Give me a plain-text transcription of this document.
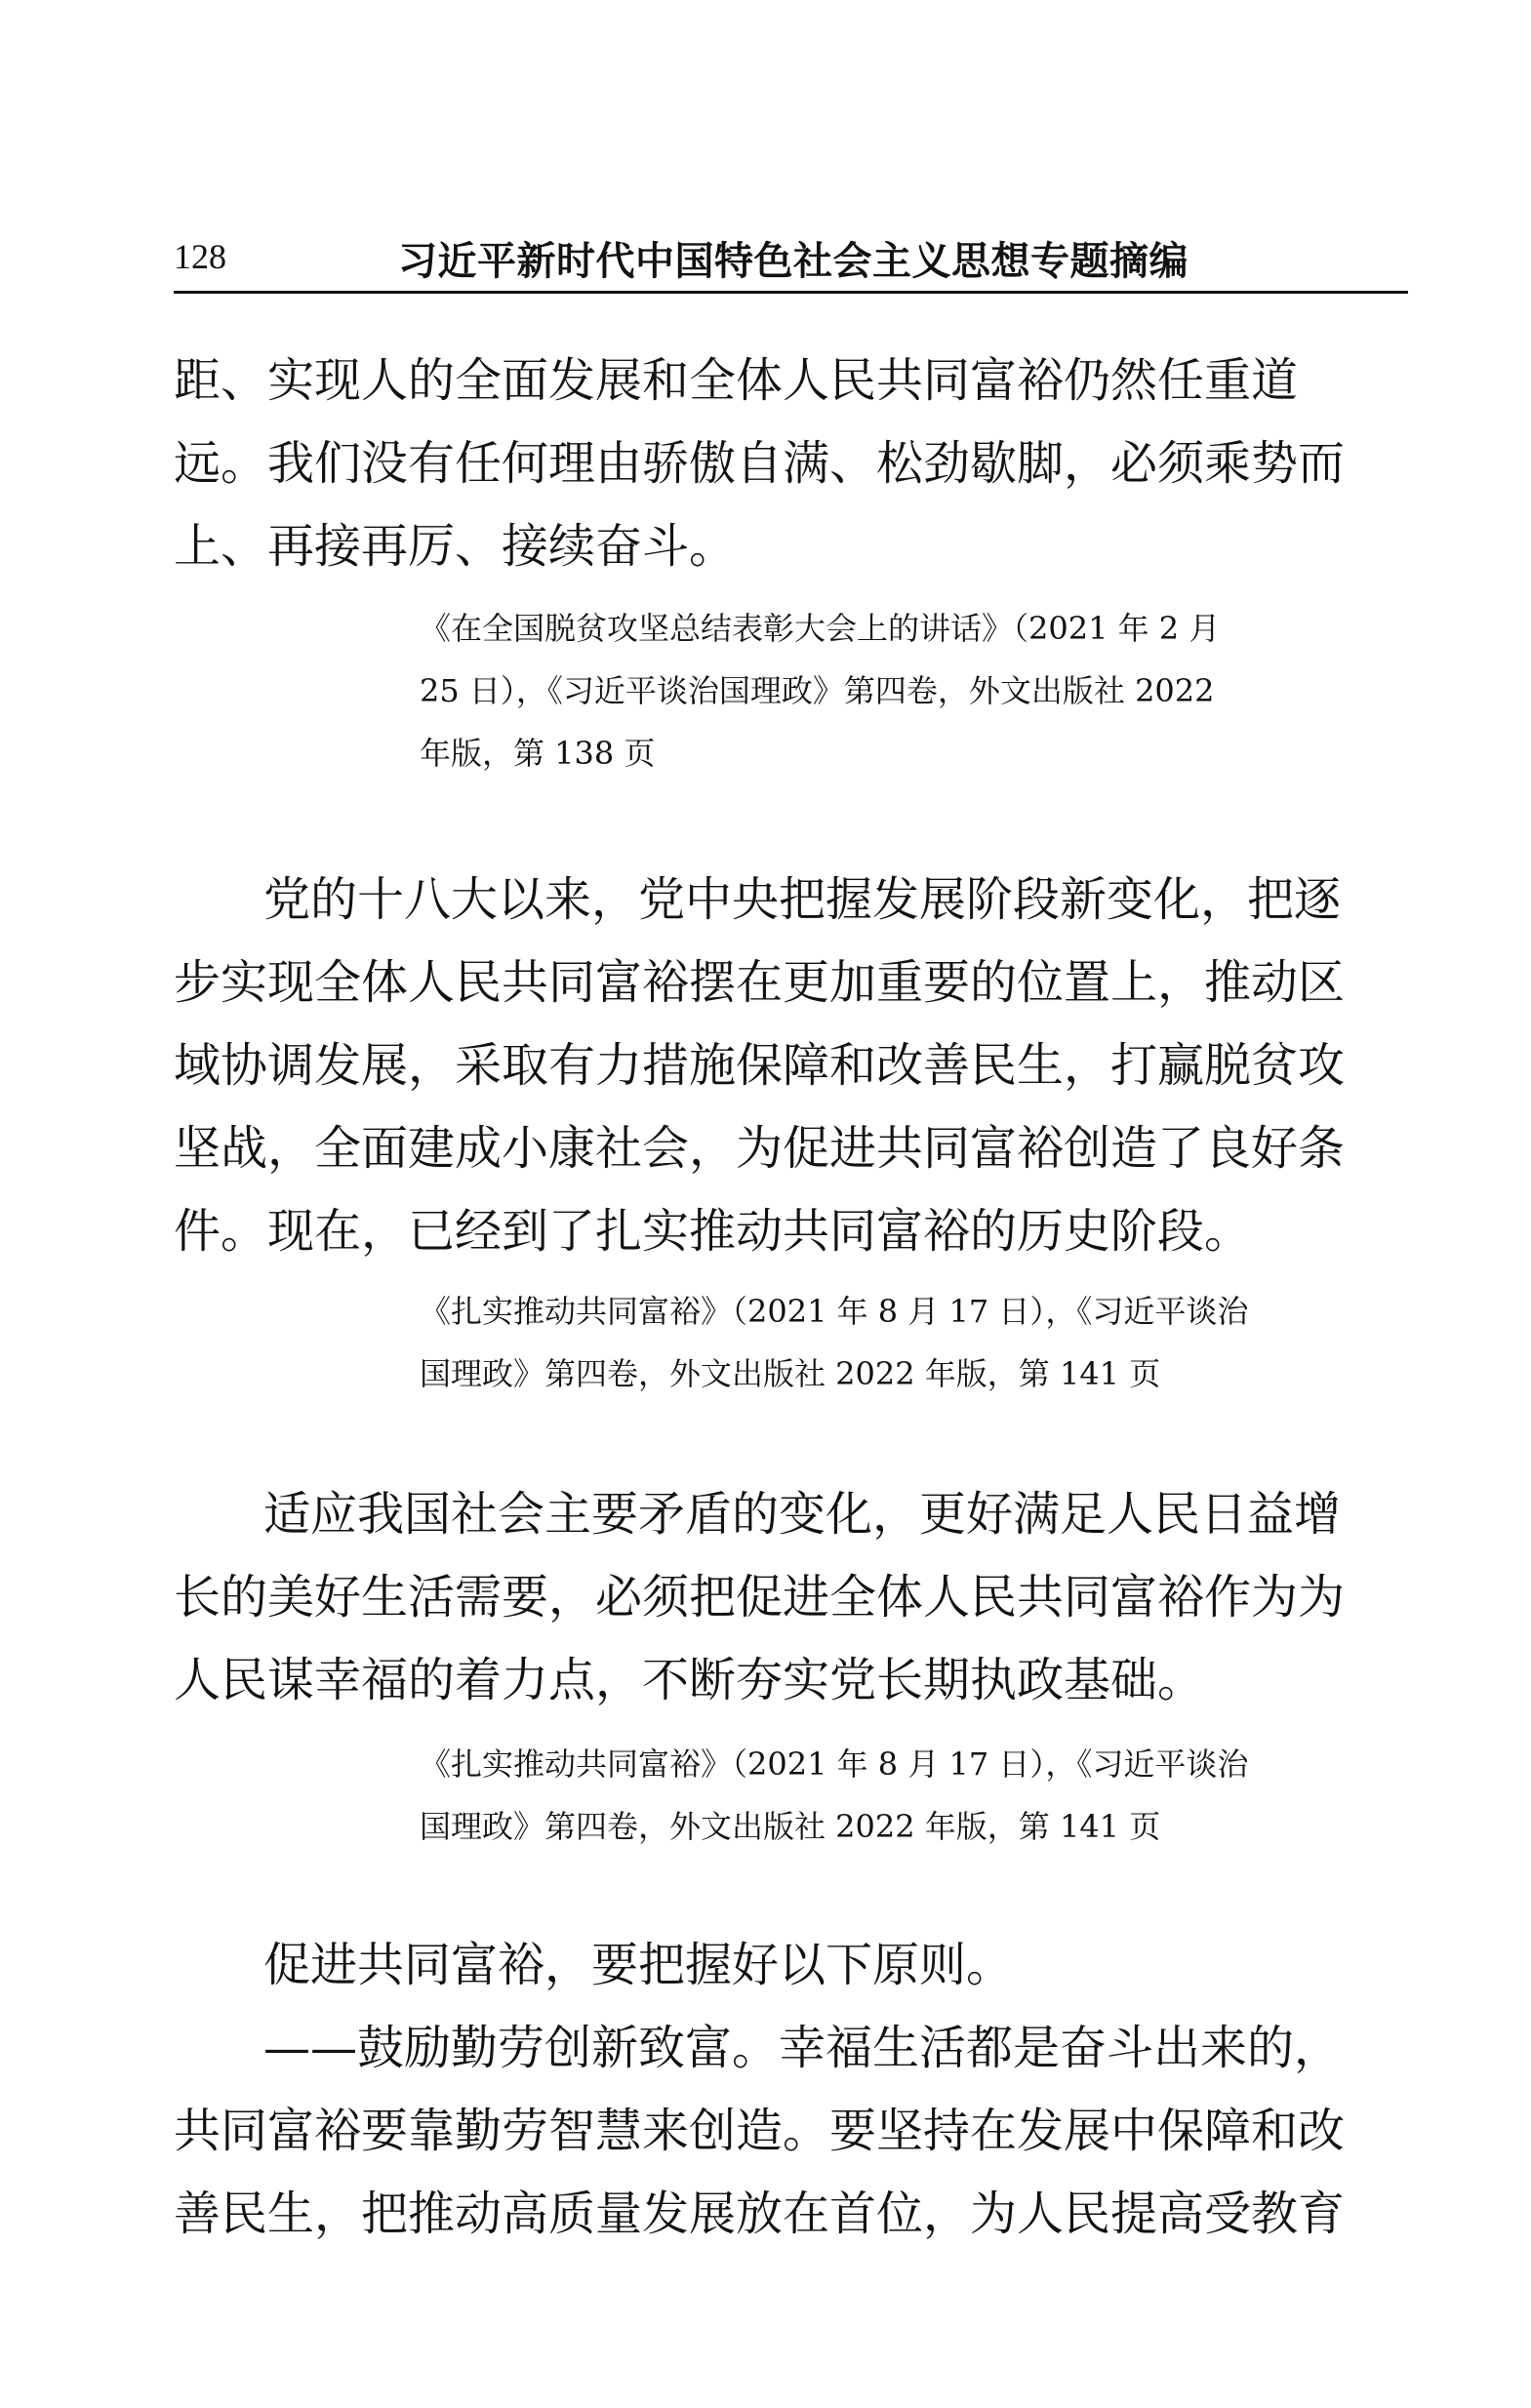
128	习近平新时代中国特色社会主义思想专题摘编
距、实现人的全面发展和全体人民共同富裕仍然任重道
远。我们没有任何理由骄傲自满、松劲歇脚，必须乘势而
上、再接再厉、接续奋斗。
《在全国脱贫攻坚总结表彰大会上的讲话》（2021 年 2 月
25 日），《习近平谈治国理政》第四卷，外文出版社 2022
年版，第 138 页
党的十八大以来，党中央把握发展阶段新变化，把逐
步实现全体人民共同富裕摆在更加重要的位置上，推动区
域协调发展，采取有力措施保障和改善民生，打赢脱贫攻
坚战，全面建成小康社会，为促进共同富裕创造了良好条
件。现在，已经到了扎实推动共同富裕的历史阶段。
《扎实推动共同富裕》（2021 年 8 月 17 日），《习近平谈治
国理政》第四卷，外文出版社 2022 年版，第 141 页
适应我国社会主要矛盾的变化，更好满足人民日益增
长的美好生活需要，必须把促进全体人民共同富裕作为为
人民谋幸福的着力点，不断夯实党长期执政基础。
《扎实推动共同富裕》（2021 年 8 月 17 日），《习近平谈治
国理政》第四卷，外文出版社 2022 年版，第 141 页
促进共同富裕，要把握好以下原则。
——鼓励勤劳创新致富。幸福生活都是奋斗出来的，
共同富裕要靠勤劳智慧来创造。要坚持在发展中保障和改
善民生，把推动高质量发展放在首位，为人民提高受教育
